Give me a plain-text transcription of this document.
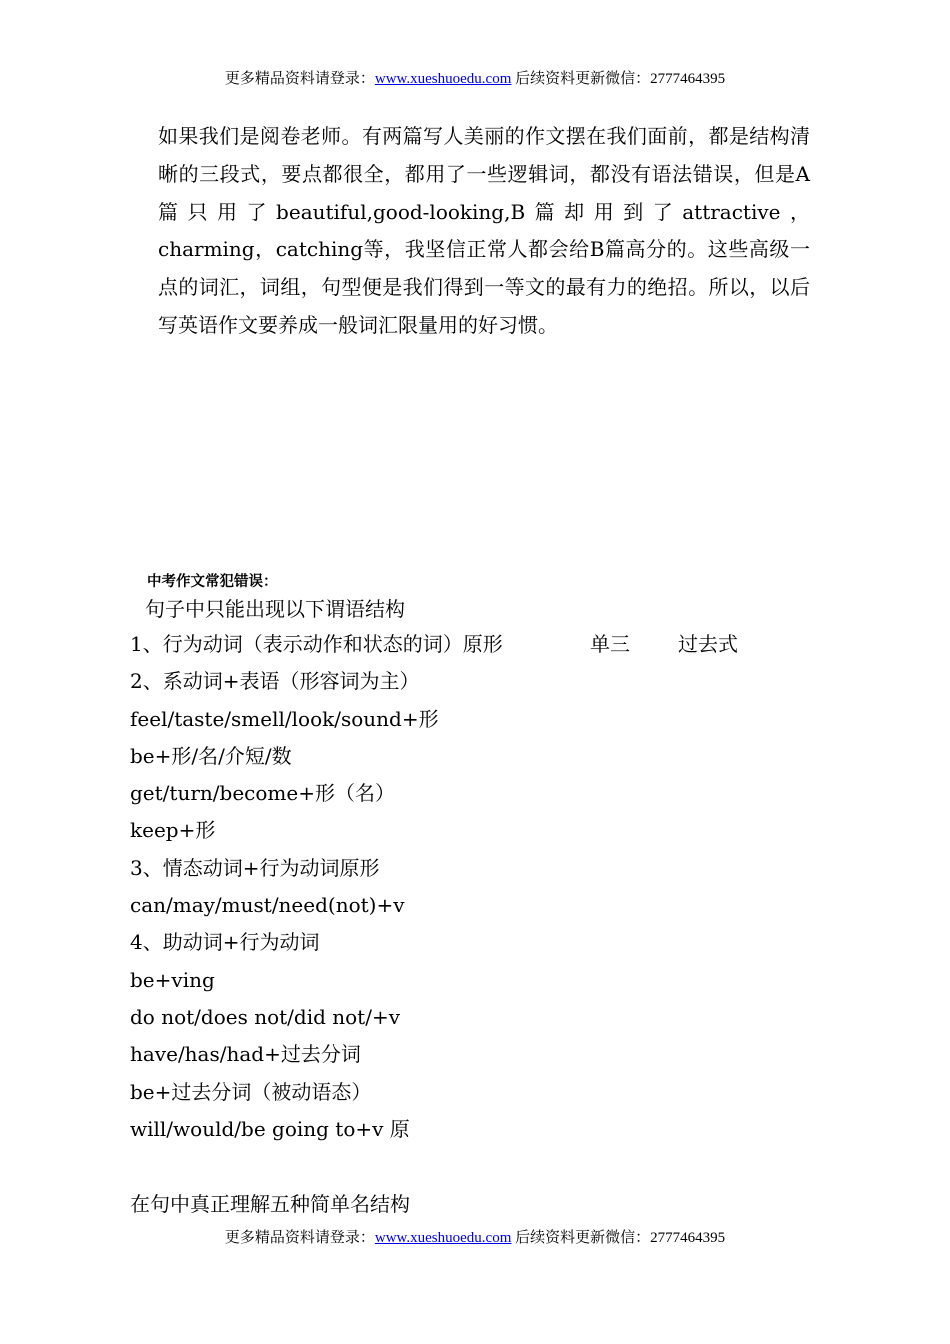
更多精品资料请登录：www.xueshuoedu.com 后续资料更新微信：2777464395

如果我们是阅卷老师。有两篇写人美丽的作文摆在我们面前，都是结构清晰的三段式，要点都很全，都用了一些逻辑词，都没有语法错误，但是A篇只用了beautiful,good-looking,B篇却用到了attractive，charming，catching等，我坚信正常人都会给B篇高分的。这些高级一点的词汇，词组，句型便是我们得到一等文的最有力的绝招。所以，以后写英语作文要养成一般词汇限量用的好习惯。

中考作文常犯错误：
句子中只能出现以下谓语结构
1、行为动词（表示动作和状态的词）原形	单三 过去式
2、系动词+表语（形容词为主）
feel/taste/smell/look/sound+形
be+形/名/介短/数
get/turn/become+形（名）
keep+形
3、情态动词+行为动词原形
can/may/must/need(not)+v
4、助动词+行为动词
be+ving
do not/does not/did not/+v
have/has/had+过去分词
be+过去分词（被动语态）
will/would/be going to+v 原
在句中真正理解五种简单名结构
更多精品资料请登录：www.xueshuoedu.com 后续资料更新微信：2777464395
